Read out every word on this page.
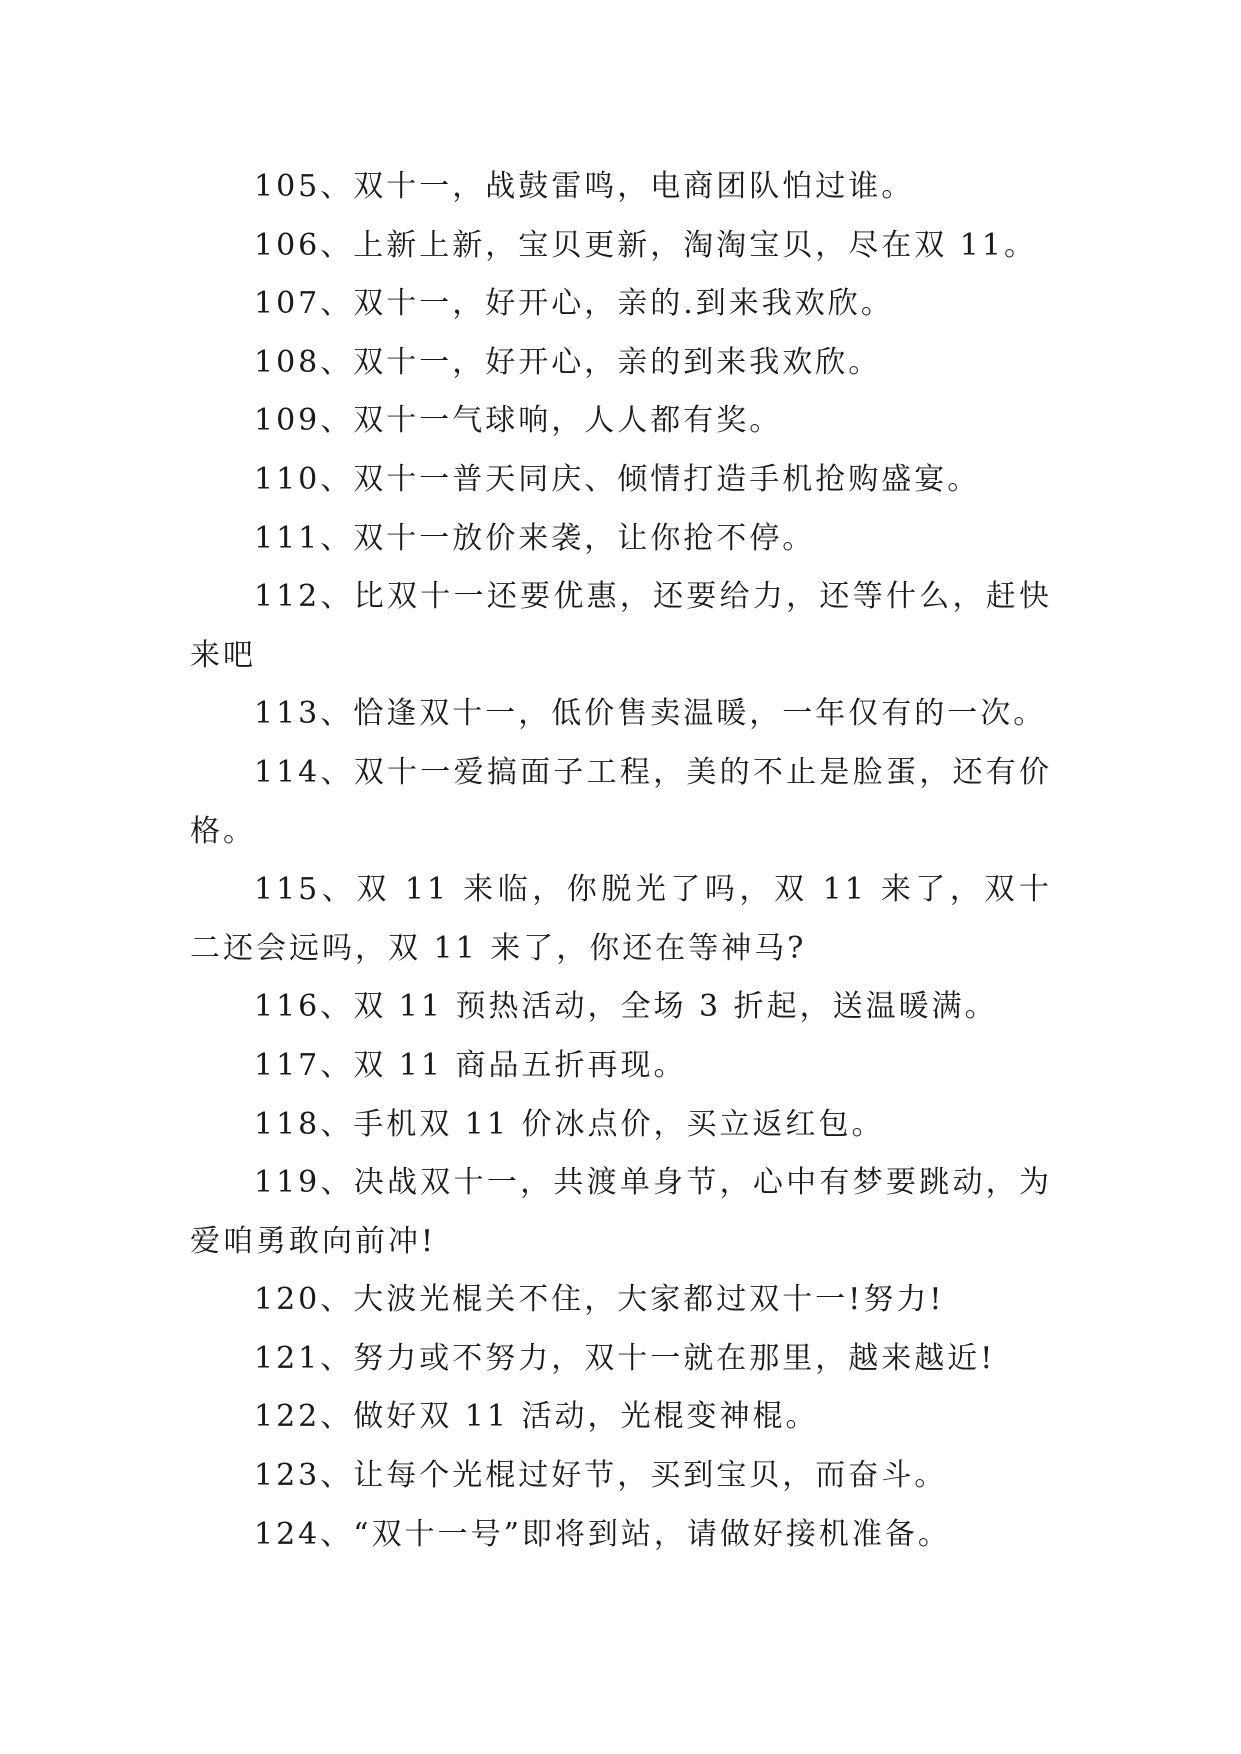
105、双十一，战鼓雷鸣，电商团队怕过谁。

106、上新上新，宝贝更新，淘淘宝贝，尽在双 11。

107、双十一，好开心，亲的.到来我欢欣。

108、双十一，好开心，亲的到来我欢欣。

109、双十一气球响，人人都有奖。

110、双十一普天同庆、倾情打造手机抢购盛宴。

111、双十一放价来袭，让你抢不停。

112、比双十一还要优惠，还要给力，还等什么，赶快来吧

113、恰逢双十一，低价售卖温暖，一年仅有的一次。

114、双十一爱搞面子工程，美的不止是脸蛋，还有价格。

115、双 11 来临，你脱光了吗，双 11 来了，双十二还会远吗，双 11 来了，你还在等神马?

116、双 11 预热活动，全场 3 折起，送温暖满。

117、双 11 商品五折再现。

118、手机双 11 价冰点价，买立返红包。

119、决战双十一，共渡单身节，心中有梦要跳动，为爱咱勇敢向前冲!

120、大波光棍关不住，大家都过双十一!努力!

121、努力或不努力，双十一就在那里，越来越近!

122、做好双 11 活动，光棍变神棍。

123、让每个光棍过好节，买到宝贝，而奋斗。

124、“双十一号”即将到站，请做好接机准备。
